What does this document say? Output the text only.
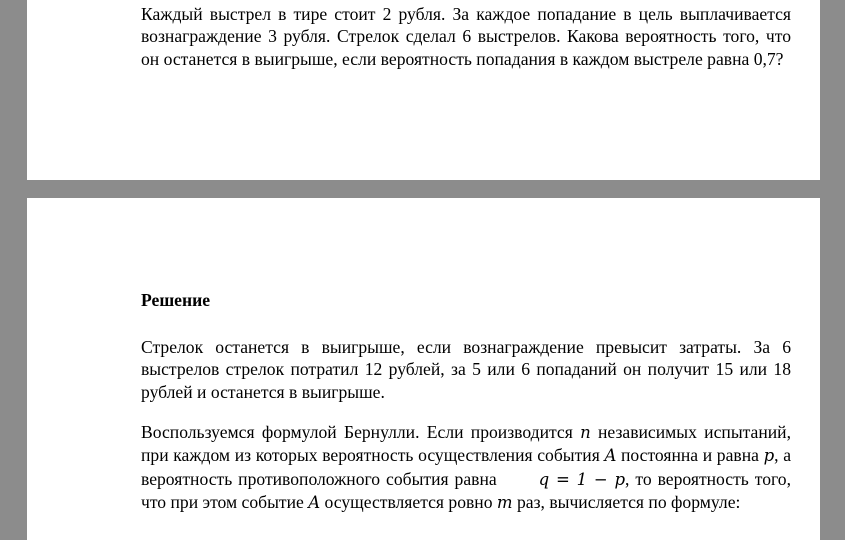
Каждый выстрел в тире стоит 2 рубля. За каждое попадание в цель выплачивается вознаграждение 3 рубля. Стрелок сделал 6 выстрелов. Какова вероятность того, что он останется в выигрыше, если вероятность попадания в каждом выстреле равна 0,7?

Решение

Стрелок останется в выигрыше, если вознаграждение превысит затраты. За 6 выстрелов стрелок потратил 12 рублей, за 5 или 6 попаданий он получит 15 или 18 рублей и останется в выигрыше.

Воспользуемся формулой Бернулли. Если производится n независимых испытаний, при каждом из которых вероятность осуществления события A постоянна и равна p, а вероятность противоположного события равна q = 1 − p, то вероятность того, что при этом событие A осуществляется ровно m раз, вычисляется по формуле:
